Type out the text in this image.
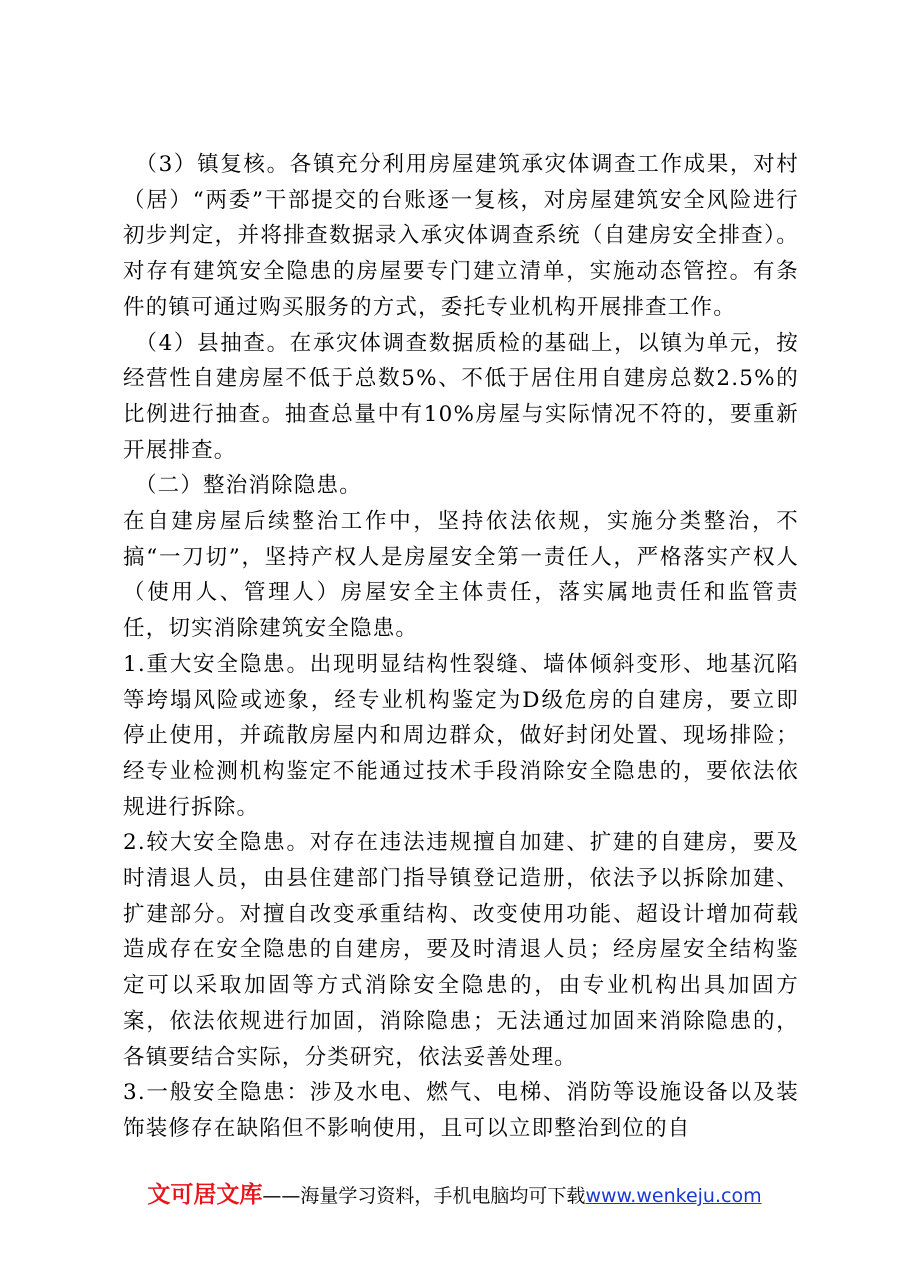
　（3）镇复核。各镇充分利用房屋建筑承灾体调查工作成果，对村（居）“两委”干部提交的台账逐一复核，对房屋建筑安全风险进行初步判定，并将排查数据录入承灾体调查系统（自建房安全排查）。对存有建筑安全隐患的房屋要专门建立清单，实施动态管控。有条件的镇可通过购买服务的方式，委托专业机构开展排查工作。

　（4）县抽查。在承灾体调查数据质检的基础上，以镇为单元，按经营性自建房屋不低于总数5%、不低于居住用自建房总数2.5%的比例进行抽查。抽查总量中有10%房屋与实际情况不符的，要重新开展排查。

　（二）整治消除隐患。

在自建房屋后续整治工作中，坚持依法依规，实施分类整治，不搞“一刀切”，坚持产权人是房屋安全第一责任人，严格落实产权人（使用人、管理人）房屋安全主体责任，落实属地责任和监管责任，切实消除建筑安全隐患。

1.重大安全隐患。出现明显结构性裂缝、墙体倾斜变形、地基沉陷等垮塌风险或迹象，经专业机构鉴定为D级危房的自建房，要立即停止使用，并疏散房屋内和周边群众，做好封闭处置、现场排险；经专业检测机构鉴定不能通过技术手段消除安全隐患的，要依法依规进行拆除。

2.较大安全隐患。对存在违法违规擅自加建、扩建的自建房，要及时清退人员，由县住建部门指导镇登记造册，依法予以拆除加建、扩建部分。对擅自改变承重结构、改变使用功能、超设计增加荷载造成存在安全隐患的自建房，要及时清退人员；经房屋安全结构鉴定可以采取加固等方式消除安全隐患的，由专业机构出具加固方案，依法依规进行加固，消除隐患；无法通过加固来消除隐患的，各镇要结合实际，分类研究，依法妥善处理。

3.一般安全隐患：涉及水电、燃气、电梯、消防等设施设备以及装饰装修存在缺陷但不影响使用，且可以立即整治到位的自

文可居文库——海量学习资料，手机电脑均可下载www.wenkeju.com
